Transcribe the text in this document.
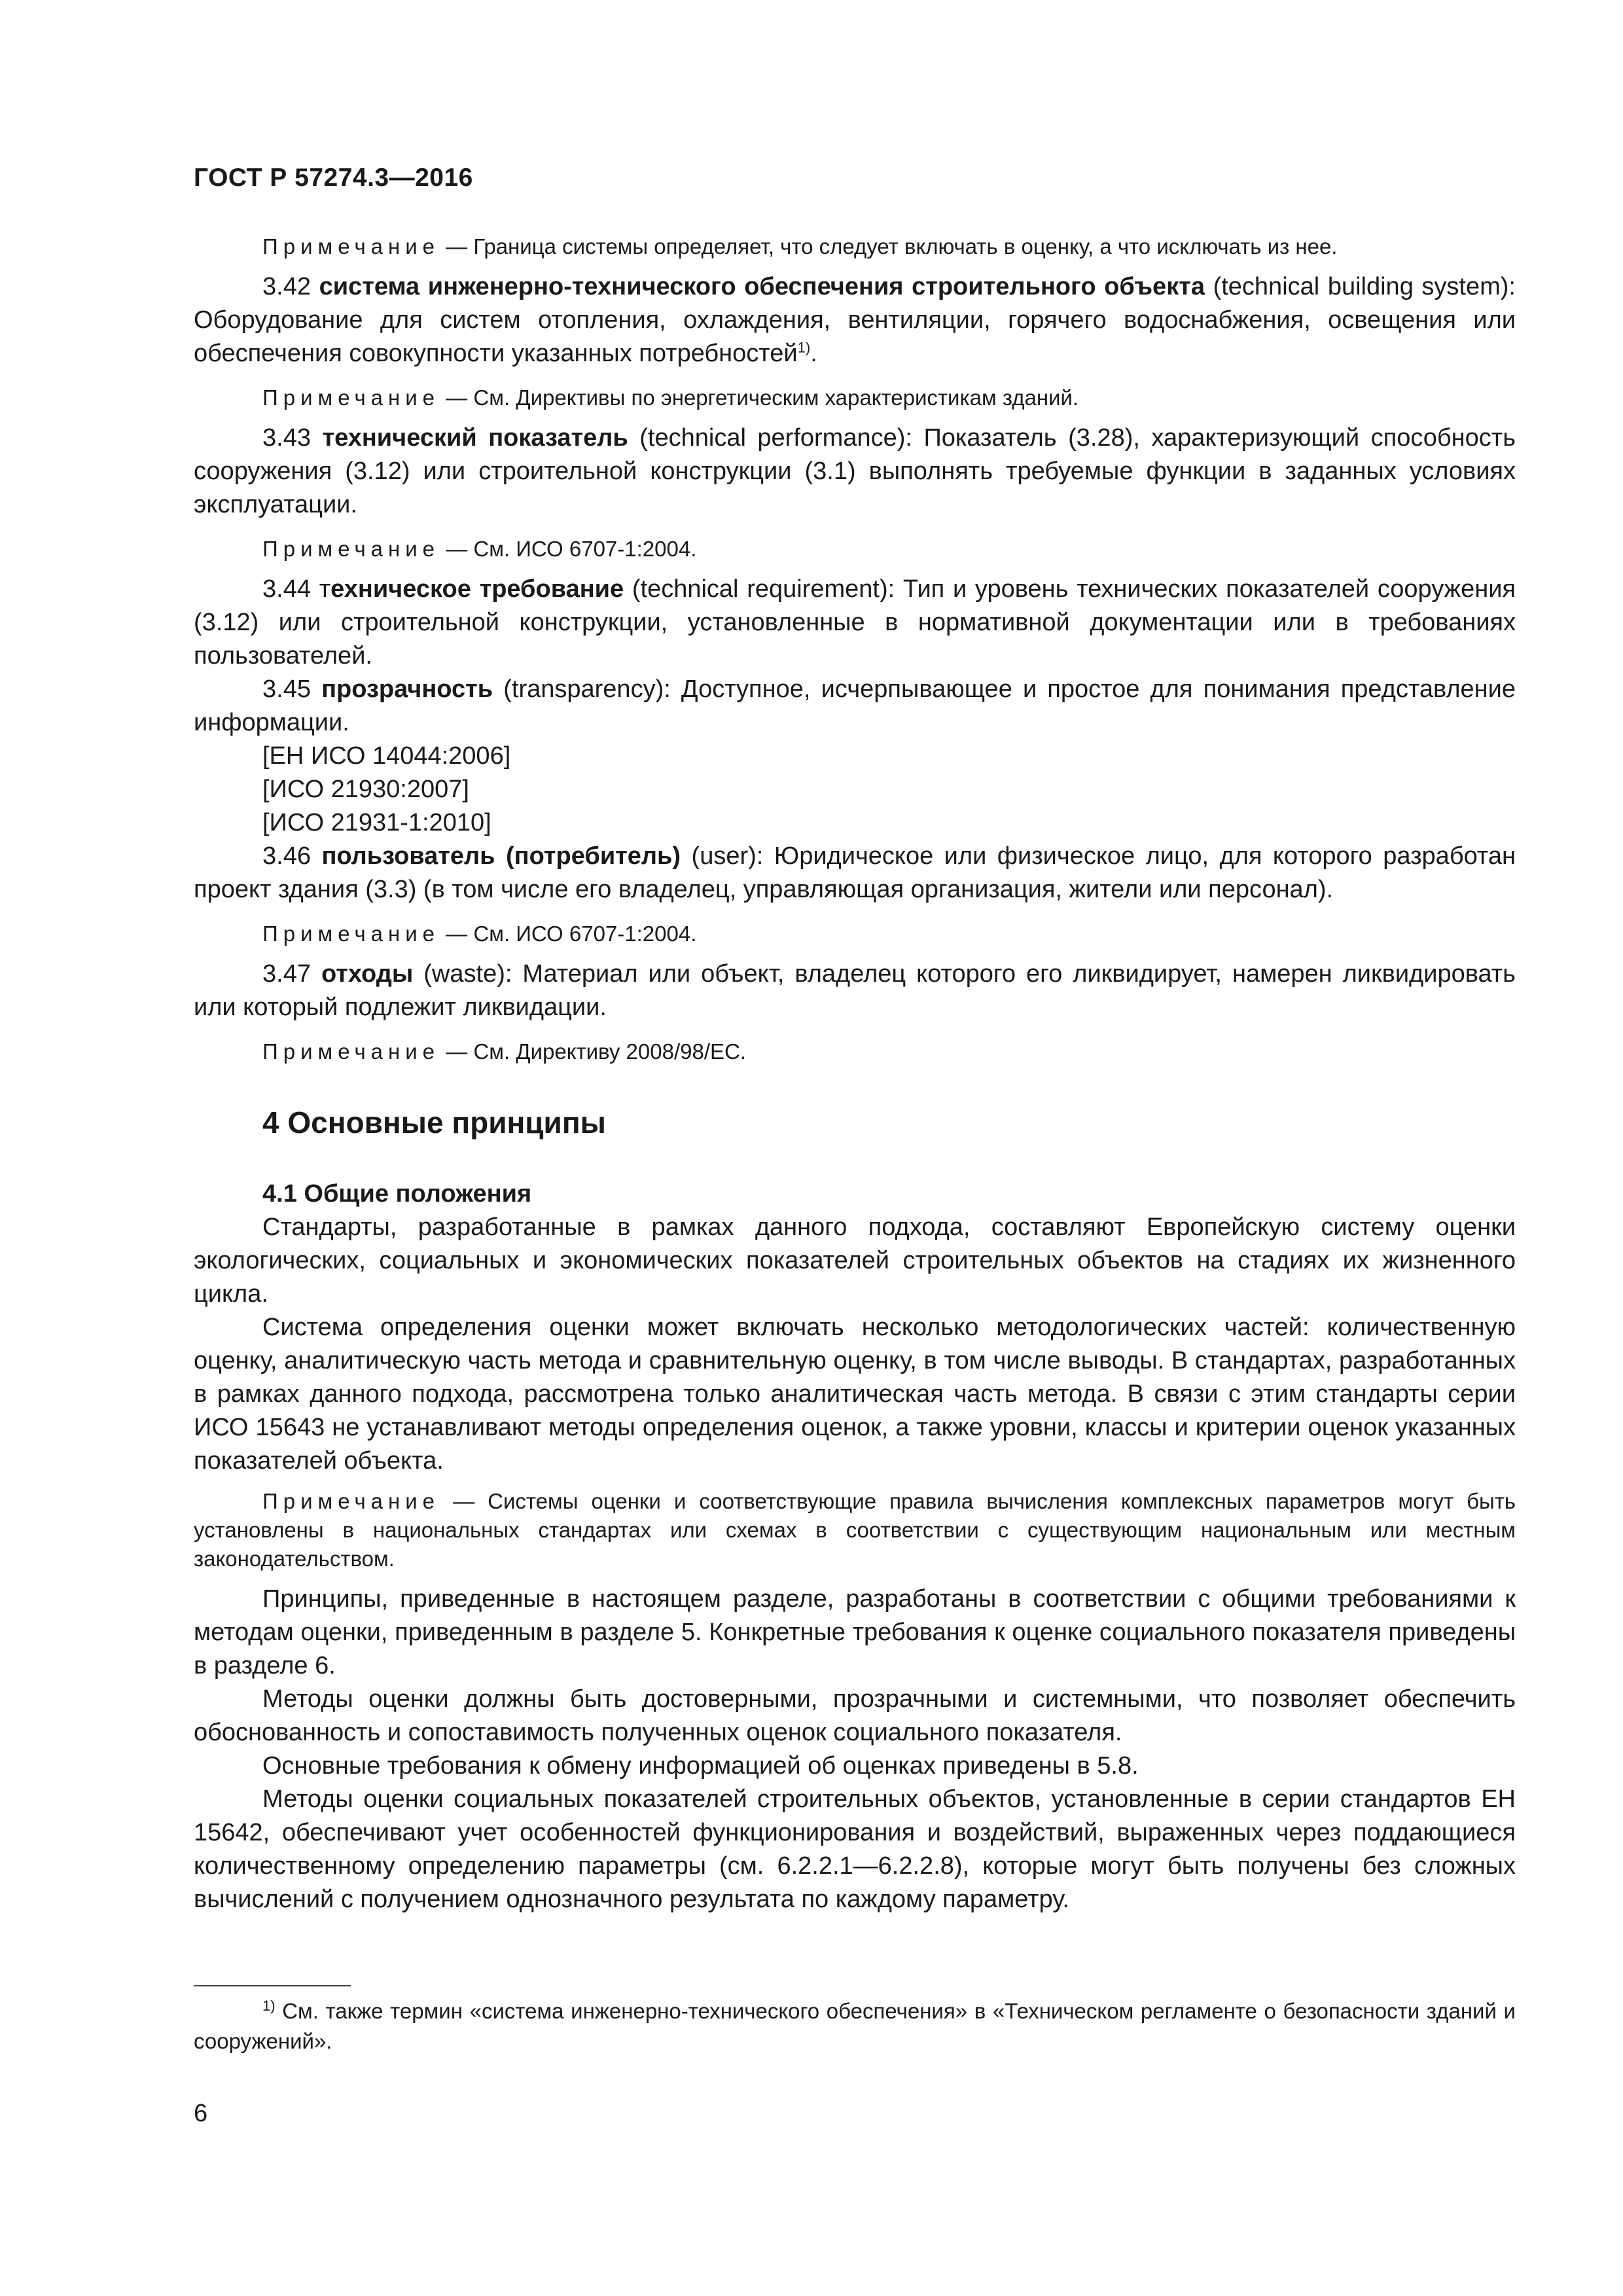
ГОСТ Р 57274.3—2016

Примечание — Граница системы определяет, что следует включать в оценку, а что исключать из нее.

3.42 система инженерно-технического обеспечения строительного объекта (technical building system): Оборудование для систем отопления, охлаждения, вентиляции, горячего водоснабжения, освещения или обеспечения совокупности указанных потребностей$^{1)}$.

Примечание — См. Директивы по энергетическим характеристикам зданий.

3.43 технический показатель (technical performance): Показатель (3.28), характеризующий способность сооружения (3.12) или строительной конструкции (3.1) выполнять требуемые функции в заданных условиях эксплуатации.

Примечание — См. ИСО 6707-1:2004.

3.44 техническое требование (technical requirement): Тип и уровень технических показателей сооружения (3.12) или строительной конструкции, установленные в нормативной документации или в требованиях пользователей.

3.45 прозрачность (transparency): Доступное, исчерпывающее и простое для понимания представление информации.

[ЕН ИСО 14044:2006]

[ИСО 21930:2007]

[ИСО 21931-1:2010]

3.46 пользователь (потребитель) (user): Юридическое или физическое лицо, для которого разработан проект здания (3.3) (в том числе его владелец, управляющая организация, жители или персонал).

Примечание — См. ИСО 6707-1:2004.

3.47 отходы (waste): Материал или объект, владелец которого его ликвидирует, намерен ликвидировать или который подлежит ликвидации.

Примечание — См. Директиву 2008/98/ЕС.

4 Основные принципы

4.1 Общие положения

Стандарты, разработанные в рамках данного подхода, составляют Европейскую систему оценки экологических, социальных и экономических показателей строительных объектов на стадиях их жизненного цикла.

Система определения оценки может включать несколько методологических частей: количественную оценку, аналитическую часть метода и сравнительную оценку, в том числе выводы. В стандартах, разработанных в рамках данного подхода, рассмотрена только аналитическая часть метода. В связи с этим стандарты серии ИСО 15643 не устанавливают методы определения оценок, а также уровни, классы и критерии оценок указанных показателей объекта.

Примечание — Системы оценки и соответствующие правила вычисления комплексных параметров могут быть установлены в национальных стандартах или схемах в соответствии с существующим национальным или местным законодательством.

Принципы, приведенные в настоящем разделе, разработаны в соответствии с общими требованиями к методам оценки, приведенным в разделе 5. Конкретные требования к оценке социального показателя приведены в разделе 6.

Методы оценки должны быть достоверными, прозрачными и системными, что позволяет обеспечить обоснованность и сопоставимость полученных оценок социального показателя.

Основные требования к обмену информацией об оценках приведены в 5.8.

Методы оценки социальных показателей строительных объектов, установленные в серии стандартов ЕН 15642, обеспечивают учет особенностей функционирования и воздействий, выраженных через поддающиеся количественному определению параметры (см. 6.2.2.1—6.2.2.8), которые могут быть получены без сложных вычислений с получением однозначного результата по каждому параметру.

$^{1)}$ См. также термин «система инженерно-технического обеспечения» в «Техническом регламенте о безопасности зданий и сооружений».
6
